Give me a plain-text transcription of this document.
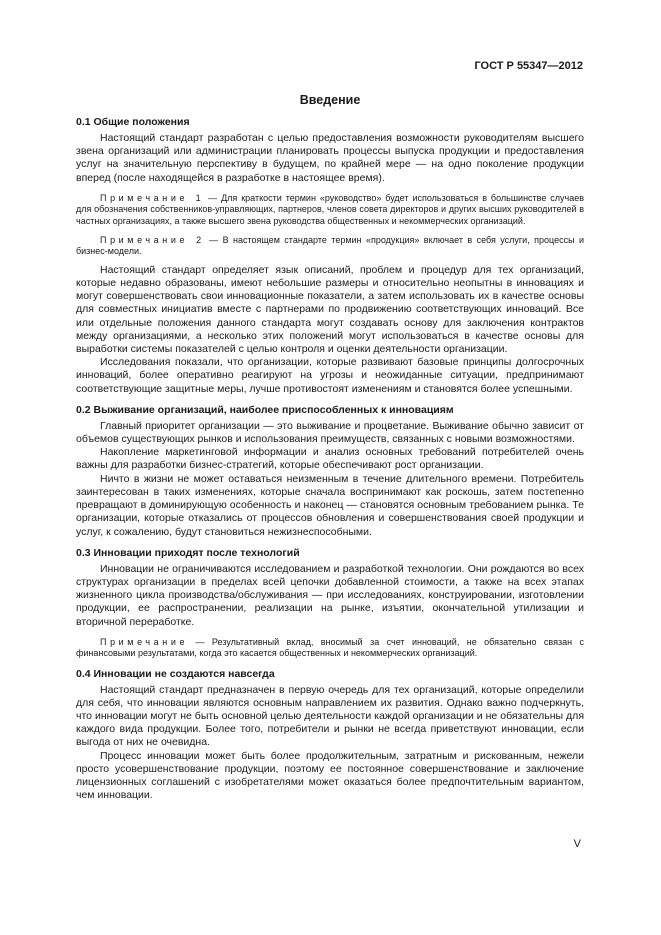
ГОСТ Р 55347—2012
Введение
0.1 Общие положения

Настоящий стандарт разработан с целью предоставления возможности руководителям высшего звена организаций или администрации планировать процессы выпуска продукции и предоставления услуг на значительную перспективу в будущем, по крайней мере — на одно поколение продукции вперед (после находящейся в разработке в настоящее время).

Примечание 1 — Для краткости термин «руководство» будет использоваться в большинстве случаев для обозначения собственников-управляющих, партнеров, членов совета директоров и других высших руководителей в частных организациях, а также высшего звена руководства общественных и некоммерческих организаций.
Примечание 2 — В настоящем стандарте термин «продукция» включает в себя услуги, процессы и бизнес-модели.

Настоящий стандарт определяет язык описаний, проблем и процедур для тех организаций, которые недавно образованы, имеют небольшие размеры и относительно неопытны в инновациях и могут совершенствовать свои инновационные показатели, а затем использовать их в качестве основы для совместных инициатив вместе с партнерами по продвижению соответствующих инноваций. Все или отдельные положения данного стандарта могут создавать основу для заключения контрактов между организациями, а несколько этих положений могут использоваться в качестве основы для выработки системы показателей с целью контроля и оценки деятельности организации.

Исследования показали, что организации, которые развивают базовые принципы долгосрочных инноваций, более оперативно реагируют на угрозы и неожиданные ситуации, предпринимают соответствующие защитные меры, лучше противостоят изменениям и становятся более успешными.

0.2 Выживание организаций, наиболее приспособленных к инновациям

Главный приоритет организации — это выживание и процветание. Выживание обычно зависит от объемов существующих рынков и использования преимуществ, связанных с новыми возможностями.

Накопление маркетинговой информации и анализ основных требований потребителей очень важны для разработки бизнес-стратегий, которые обеспечивают рост организации.

Ничто в жизни не может оставаться неизменным в течение длительного времени. Потребитель заинтересован в таких изменениях, которые сначала воспринимают как роскошь, затем постепенно превращают в доминирующую особенность и наконец — становятся основным требованием рынка. Те организации, которые отказались от процессов обновления и совершенствования своей продукции и услуг, к сожалению, будут становиться нежизнеспособными.

0.3 Инновации приходят после технологий

Инновации не ограничиваются исследованием и разработкой технологии. Они рождаются во всех структурах организации в пределах всей цепочки добавленной стоимости, а также на всех этапах жизненного цикла производства/обслуживания — при исследованиях, конструировании, изготовлении продукции, ее распространении, реализации на рынке, изъятии, окончательной утилизации и вторичной переработке.

Примечание — Результативный вклад, вносимый за счет инноваций, не обязательно связан с финансовыми результатами, когда это касается общественных и некоммерческих организаций.
0.4 Инновации не создаются навсегда

Настоящий стандарт предназначен в первую очередь для тех организаций, которые определили для себя, что инновации являются основным направлением их развития. Однако важно подчеркнуть, что инновации могут не быть основной целью деятельности каждой организации и не обязательны для каждого вида продукции. Более того, потребители и рынки не всегда приветствуют инновации, если выгода от них не очевидна.

Процесс инновации может быть более продолжительным, затратным и рискованным, нежели просто усовершенствование продукции, поэтому ее постоянное совершенствование и заключение лицензионных соглашений с изобретателями может оказаться более предпочтительным вариантом, чем инновации.

V
